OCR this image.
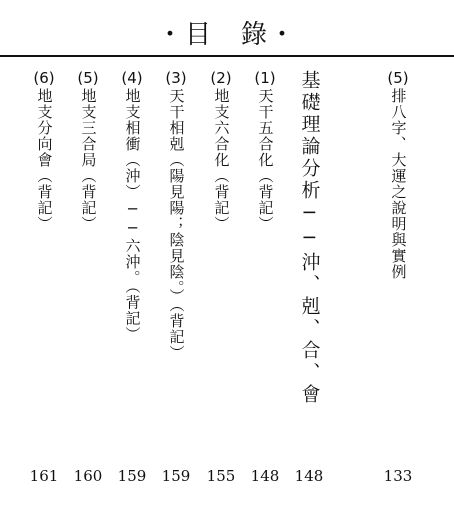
・目　錄・
(5)
排八字、大運之說明與實例
133
基礎理論分析──沖、剋、合、會
148
(1)
天干五合化（背記）
148
(2)
地支六合化（背記）
155
(3)
天干相剋（陽見陽；陰見陰。）（背記）
159
(4)
地支相衝（沖）──六沖。（背記）
159
(5)
地支三合局（背記）
160
(6)
地支分向會（背記）
161
